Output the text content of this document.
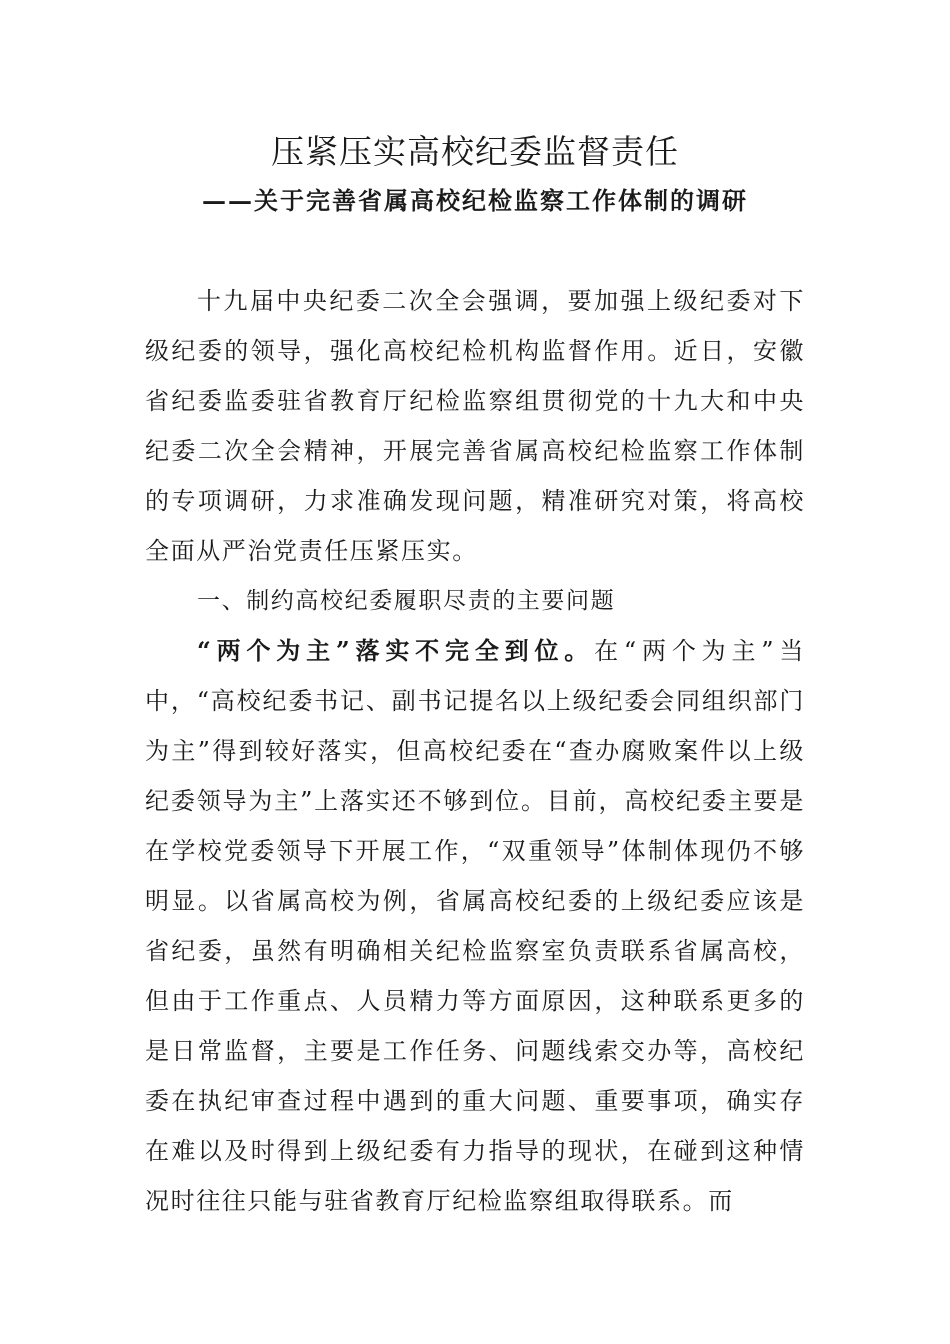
压紧压实高校纪委监督责任
——关于完善省属高校纪检监察工作体制的调研

十九届中央纪委二次全会强调，要加强上级纪委对下级纪委的领导，强化高校纪检机构监督作用。近日，安徽省纪委监委驻省教育厅纪检监察组贯彻党的十九大和中央纪委二次全会精神，开展完善省属高校纪检监察工作体制的专项调研，力求准确发现问题，精准研究对策，将高校全面从严治党责任压紧压实。

一、制约高校纪委履职尽责的主要问题

“两个为主”落实不完全到位。在“两个为主”当中，“高校纪委书记、副书记提名以上级纪委会同组织部门为主”得到较好落实，但高校纪委在“查办腐败案件以上级纪委领导为主”上落实还不够到位。目前，高校纪委主要是在学校党委领导下开展工作，“双重领导”体制体现仍不够明显。以省属高校为例，省属高校纪委的上级纪委应该是省纪委，虽然有明确相关纪检监察室负责联系省属高校，但由于工作重点、人员精力等方面原因，这种联系更多的是日常监督，主要是工作任务、问题线索交办等，高校纪委在执纪审查过程中遇到的重大问题、重要事项，确实存在难以及时得到上级纪委有力指导的现状，在碰到这种情况时往往只能与驻省教育厅纪检监察组取得联系。而
